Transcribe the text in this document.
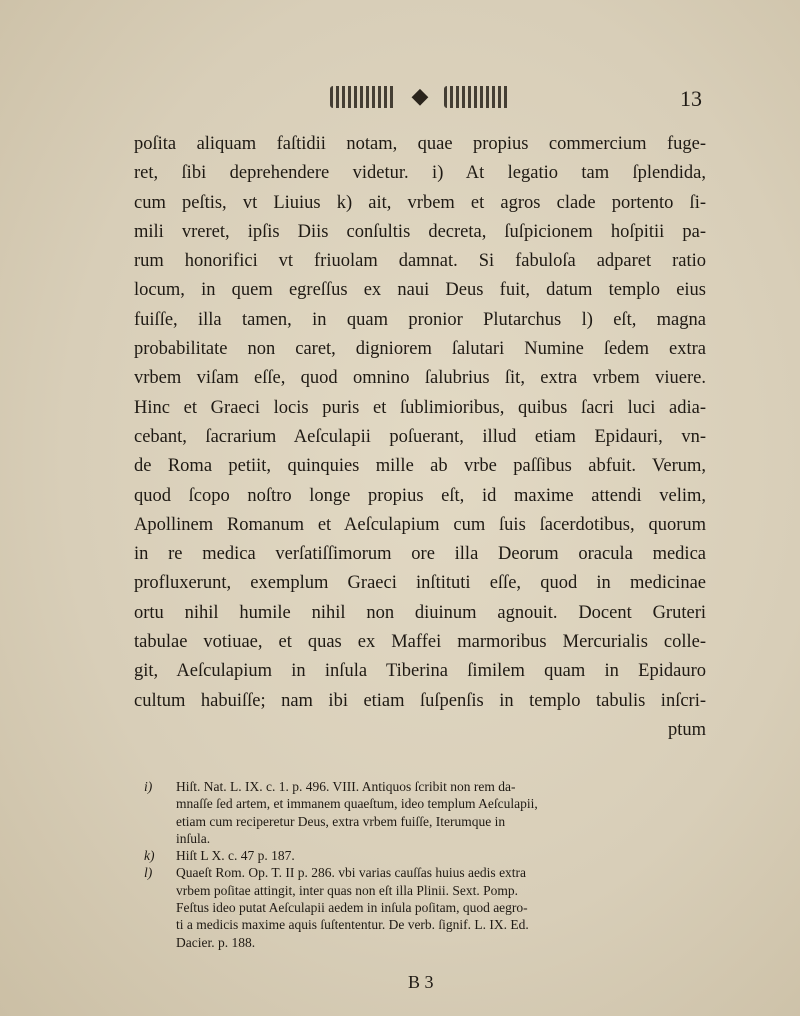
◆	13
poſita aliquam faſtidii notam, quae propius commercium fuge-
ret, ſibi deprehendere videtur. i) At legatio tam ſplendida,
cum peſtis, vt Liuius k) ait, vrbem et agros clade portento ſi-
mili vreret, ipſis Diis conſultis decreta, ſuſpicionem hoſpitii pa-
rum honorifici vt friuolam damnat. Si fabuloſa adparet ratio
locum, in quem egreſſus ex naui Deus fuit, datum templo eius
fuiſſe, illa tamen, in quam pronior Plutarchus l) eſt, magna
probabilitate non caret, digniorem ſalutari Numine ſedem extra
vrbem viſam eſſe, quod omnino ſalubrius ſit, extra vrbem viuere.
Hinc et Graeci locis puris et ſublimioribus, quibus ſacri luci adia-
cebant, ſacrarium Aeſculapii poſuerant, illud etiam Epidauri, vn-
de Roma petiit, quinquies mille ab vrbe paſſibus abfuit. Verum,
quod ſcopo noſtro longe propius eſt, id maxime attendi velim,
Apollinem Romanum et Aeſculapium cum ſuis ſacerdotibus, quorum
in re medica verſatiſſimorum ore illa Deorum oracula medica
profluxerunt, exemplum Graeci inſtituti eſſe, quod in medicinae
ortu nihil humile nihil non diuinum agnouit. Docent Gruteri
tabulae votiuae, et quas ex Maffei marmoribus Mercurialis colle-
git, Aeſculapium in inſula Tiberina ſimilem quam in Epidauro
cultum habuiſſe; nam ibi etiam ſuſpenſis in templo tabulis inſcri-
ptum
i) Hiſt. Nat. L. IX. c. 1. p. 496. VIII. Antiquos ſcribit non rem da-
mnaſſe ſed artem, et immanem quaeſtum, ideo templum Aeſculapii,
etiam cum reciperetur Deus, extra vrbem fuiſſe, Iterumque in
inſula.
k) Hiſt L X. c. 47 p. 187.
l) Quaeſt Rom. Op. T. II p. 286. vbi varias cauſſas huius aedis extra
vrbem poſitae attingit, inter quas non eſt illa Plinii. Sext. Pomp.
Feſtus ideo putat Aeſculapii aedem in inſula poſitam, quod aegro-
ti a medicis maxime aquis ſuſtententur. De verb. ſignif. L. IX. Ed.
Dacier. p. 188.
B 3
